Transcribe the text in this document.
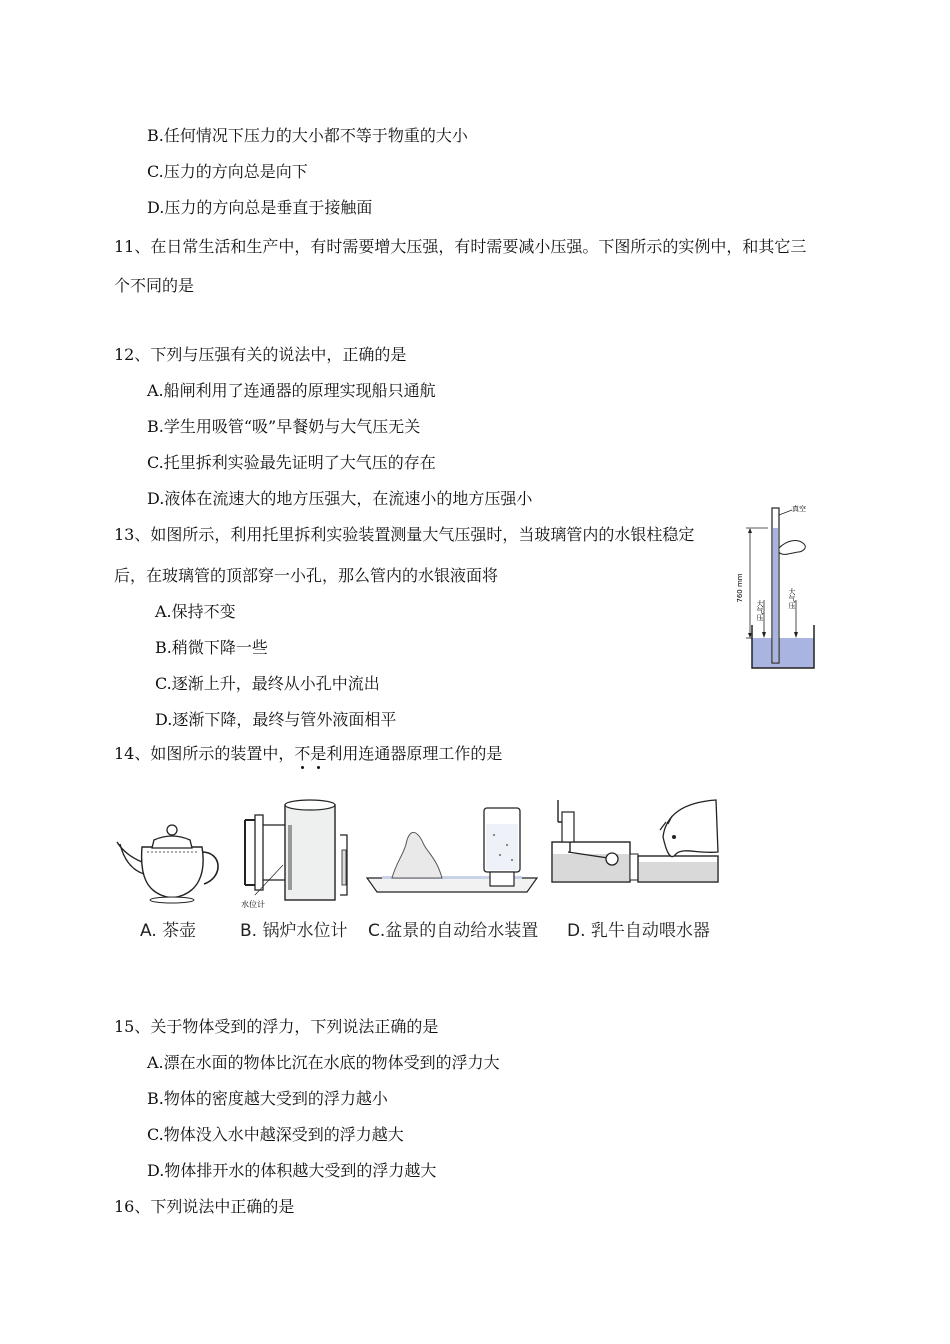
B.任何情况下压力的大小都不等于物重的大小
C.压力的方向总是向下
D.压力的方向总是垂直于接触面
11、在日常生活和生产中，有时需要增大压强，有时需要减小压强。下图所示的实例中，和其它三
个不同的是
12、下列与压强有关的说法中，正确的是
A.船闸利用了连通器的原理实现船只通航
B.学生用吸管“吸”早餐奶与大气压无关
C.托里拆利实验最先证明了大气压的存在
D.液体在流速大的地方压强大，在流速小的地方压强小
13、如图所示，利用托里拆利实验装置测量大气压强时，当玻璃管内的水银柱稳定
后，在玻璃管的顶部穿一小孔，那么管内的水银液面将
A.保持不变
B.稍微下降一些
C.逐渐上升，最终从小孔中流出
D.逐渐下降，最终与管外液面相平
真空
760 mm
大气压
大气压
14、如图所示的装置中，不是利用连通器原理工作的是
水位计
A. 茶壶	B. 锅炉水位计 C.盆景的自动给水装置 D. 乳牛自动喂水器
15、关于物体受到的浮力，下列说法正确的是
A.漂在水面的物体比沉在水底的物体受到的浮力大
B.物体的密度越大受到的浮力越小
C.物体没入水中越深受到的浮力越大
D.物体排开水的体积越大受到的浮力越大
16、下列说法中正确的是
